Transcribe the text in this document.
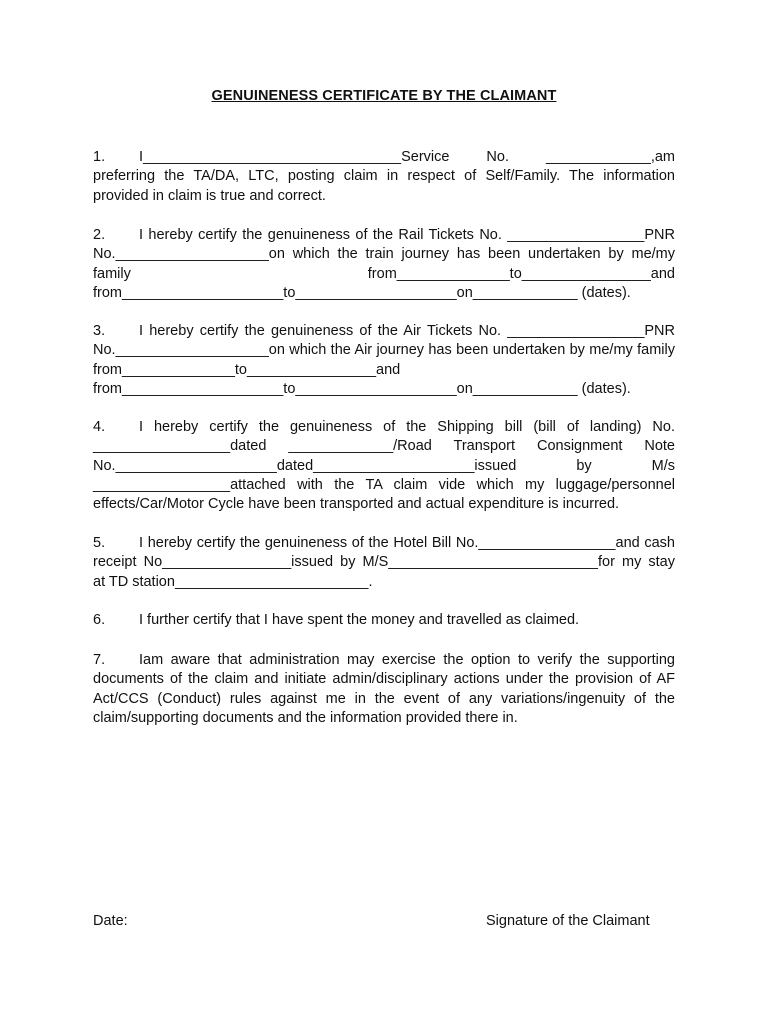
GENUINENESS CERTIFICATE BY THE CLAIMANT
1. I________________________________Service No. _____________,am preferring the TA/DA, LTC, posting claim in respect of Self/Family. The information provided in claim is true and correct.
2. I hereby certify the genuineness of the Rail Tickets No. _________________PNR No.___________________on which the train journey has been undertaken by me/my family from______________to________________and from____________________to____________________on_____________ (dates).
3. I hereby certify the genuineness of the Air Tickets No. _________________PNR No.___________________on which the Air journey has been undertaken by me/my family from______________to________________and from____________________to____________________on_____________ (dates).
4. I hereby certify the genuineness of the Shipping bill (bill of landing) No. _________________dated _____________/Road Transport Consignment Note No.____________________dated____________________issued by M/s _________________attached with the TA claim vide which my luggage/personnel effects/Car/Motor Cycle have been transported and actual expenditure is incurred.
5. I hereby certify the genuineness of the Hotel Bill No._________________and cash receipt No________________issued by M/S__________________________for my stay at TD station________________________.
6. I further certify that I have spent the money and travelled as claimed.
7. Iam aware that administration may exercise the option to verify the supporting documents of the claim and initiate admin/disciplinary actions under the provision of AF Act/CCS (Conduct) rules against me in the event of any variations/ingenuity of the claim/supporting documents and the information provided there in.
Date:	Signature of the Claimant
